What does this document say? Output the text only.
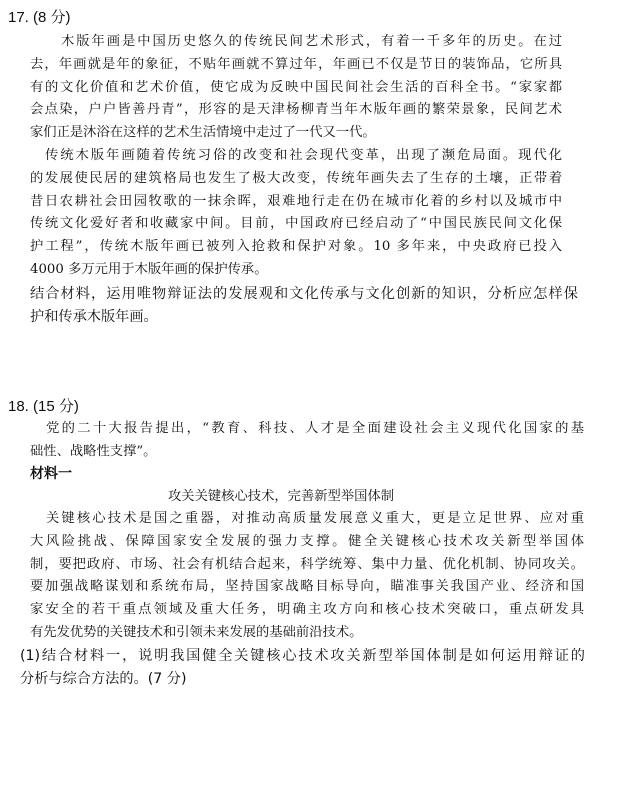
17. (8 分)
木版年画是中国历史悠久的传统民间艺术形式，有着一千多年的历史。在过
去，年画就是年的象征，不贴年画就不算过年，年画已不仅是节日的装饰品，它所具
有的文化价值和艺术价值，使它成为反映中国民间社会生活的百科全书。“家家都
会点染，户户皆善丹青”，形容的是天津杨柳青当年木版年画的繁荣景象，民间艺术
家们正是沐浴在这样的艺术生活情境中走过了一代又一代。
传统木版年画随着传统习俗的改变和社会现代变革，出现了濒危局面。现代化
的发展使民居的建筑格局也发生了极大改变，传统年画失去了生存的土壤，正带着
昔日农耕社会田园牧歌的一抹余晖，艰难地行走在仍在城市化着的乡村以及城市中
传统文化爱好者和收藏家中间。目前，中国政府已经启动了“中国民族民间文化保
护工程”，传统木版年画已被列入抢救和保护对象。10 多年来，中央政府已投入
4000 多万元用于木版年画的保护传承。
结合材料，运用唯物辩证法的发展观和文化传承与文化创新的知识，分析应怎样保
护和传承木版年画。
18. (15 分)
党的二十大报告提出，“教育、科技、人才是全面建设社会主义现代化国家的基
础性、战略性支撑”。
材料一
攻关关键核心技术，完善新型举国体制
关键核心技术是国之重器，对推动高质量发展意义重大，更是立足世界、应对重
大风险挑战、保障国家安全发展的强力支撑。健全关键核心技术攻关新型举国体
制，要把政府、市场、社会有机结合起来，科学统筹、集中力量、优化机制、协同攻关。
要加强战略谋划和系统布局，坚持国家战略目标导向，瞄准事关我国产业、经济和国
家安全的若干重点领域及重大任务，明确主攻方向和核心技术突破口，重点研发具
有先发优势的关键技术和引领未来发展的基础前沿技术。
(1)结合材料一，说明我国健全关键核心技术攻关新型举国体制是如何运用辩证的
分析与综合方法的。(7 分)
